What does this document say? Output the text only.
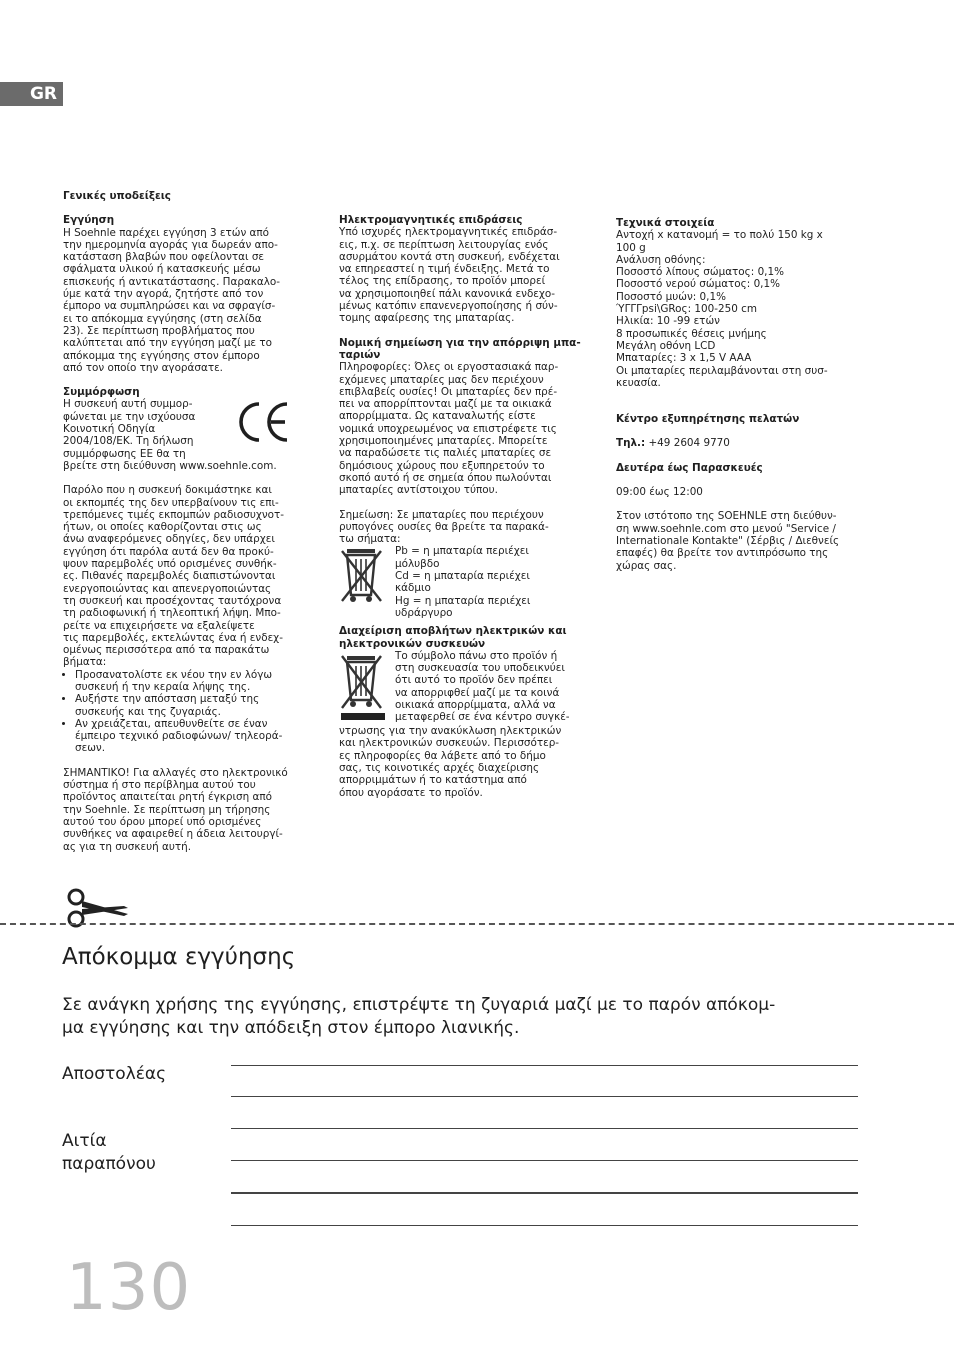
GR

Γενικές υποδείξεις

Εγγύηση

Η Soehnle παρέχει εγγύηση 3 ετών από

την ημερομηνία αγοράς για δωρεάν απο-

κατάσταση βλαβών που οφείλονται σε

σφάλματα υλικού ή κατασκευής μέσω

επισκευής ή αντικατάστασης. Παρακαλο-

ύμε κατά την αγορά, ζητήστε από τον

έμπορο να συμπληρώσει και να σφραγίσ-

ει το απόκομμα εγγύησης (στη σελίδα

23). Σε περίπτωση προβλήματος που

καλύπτεται από την εγγύηση μαζί με το

απόκομμα της εγγύησης στον έμπορο

από τον οποίο την αγοράσατε.

Συμμόρφωση

Η συσκευή αυτή συμμορ-

φώνεται με την ισχύουσα

Κοινοτική Οδηγία

2004/108/ΕΚ. Τη δήλωση

συμμόρφωσης ΕΕ θα τη

βρείτε στη διεύθυνση www.soehnle.com.

Παρόλο που η συσκευή δοκιμάστηκε και

οι εκπομπές της δεν υπερβαίνουν τις επι-

τρεπόμενες τιμές εκπομπών ραδιοσυχνοτ-

ήτων, οι οποίες καθορίζονται στις ως

άνω αναφερόμενες οδηγίες, δεν υπάρχει

εγγύηση ότι παρόλα αυτά δεν θα προκύ-

ψουν παρεμβολές υπό ορισμένες συνθήκ-

ες. Πιθανές παρεμβολές διαπιστώνονται

ενεργοποιώντας και απενεργοποιώντας

τη συσκευή και προσέχοντας ταυτόχρονα

τη ραδιοφωνική ή τηλεοπτική λήψη. Μπο-

ρείτε να επιχειρήσετε να εξαλείψετε

τις παρεμβολές, εκτελώντας ένα ή ενδεχ-

ομένως περισσότερα από τα παρακάτω

βήματα:

• Προσανατολίστε εκ νέου την εν λόγω
συσκευή ή την κεραία λήψης της.
• Αυξήστε την απόσταση μεταξύ της
συσκευής και της ζυγαριάς.
• Αν χρειάζεται, απευθυνθείτε σε έναν
έμπειρο τεχνικό ραδιοφώνων/ τηλεορά-
σεων.

ΣΗΜΑΝΤΙΚΟ! Για αλλαγές στο ηλεκτρονικό

σύστημα ή στο περίβλημα αυτού του

προϊόντος απαιτείται ρητή έγκριση από

την Soehnle. Σε περίπτωση μη τήρησης

αυτού του όρου μπορεί υπό ορισμένες

συνθήκες να αφαιρεθεί η άδεια λειτουργί-

ας για τη συσκευή αυτή.

Ηλεκτρομαγνητικές επιδράσεις

Υπό ισχυρές ηλεκτρομαγνητικές επιδράσ-

εις, π.χ. σε περίπτωση λειτουργίας ενός

ασυρμάτου κοντά στη συσκευή, ενδέχεται

να επηρεαστεί η τιμή ένδειξης. Μετά το

τέλος της επίδρασης, το προϊόν μπορεί

να χρησιμοποιηθεί πάλι κανονικά ενδεχο-

μένως κατόπιν επανενεργοποίησης ή σύν-

τομης αφαίρεσης της μπαταρίας.

Νομική σημείωση για την απόρριψη μπα-

ταριών

Πληροφορίες: Όλες οι εργοστασιακά παρ-

εχόμενες μπαταρίες μας δεν περιέχουν

επιβλαβείς ουσίες! Οι μπαταρίες δεν πρέ-

πει να απορρίπτονται μαζί με τα οικιακά

απορρίμματα. Ως καταναλωτής είστε

νομικά υποχρεωμένος να επιστρέφετε τις

χρησιμοποιημένες μπαταρίες. Μπορείτε

να παραδώσετε τις παλιές μπαταρίες σε

δημόσιους χώρους που εξυπηρετούν το

σκοπό αυτό ή σε σημεία όπου πωλούνται

μπαταρίες αντίστοιχου τύπου.

Σημείωση: Σε μπαταρίες που περιέχουν

ρυπογόνες ουσίες θα βρείτε τα παρακά-

τω σήματα:

Pb = η μπαταρία περιέχει

μόλυβδο

Cd = η μπαταρία περιέχει

κάδμιο

Hg = η μπαταρία περιέχει

υδράργυρο

Διαχείριση αποβλήτων ηλεκτρικών και

ηλεκτρονικών συσκευών

Το σύμβολο πάνω στο προϊόν ή

στη συσκευασία του υποδεικνύει

ότι αυτό το προϊόν δεν πρέπει

να απορριφθεί μαζί με τα κοινά

οικιακά απορρίμματα, αλλά να

μεταφερθεί σε ένα κέντρο συγκέ-

ντρωσης για την ανακύκλωση ηλεκτρικών

και ηλεκτρονικών συσκευών. Περισσότερ-

ες πληροφορίες θα λάβετε από το δήμο

σας, τις κοινοτικές αρχές διαχείρισης

απορριμμάτων ή το κατάστημα από

όπου αγοράσατε το προϊόν.

Τεχνικά στοιχεία

Αντοχή x κατανομή = το πολύ 150 kg x

100 g

Ανάλυση οθόνης:

Ποσοστό λίπους σώματος: 0,1%

Ποσοστό νερού σώματος: 0,1%

Ποσοστό μυών: 0,1%

ΎΓΓΓpsi\GRoς: 100-250 cm

Ηλικία: 10 -99 ετών

8 προσωπικές θέσεις μνήμης

Μεγάλη οθόνη LCD

Μπαταρίες: 3 x 1,5 V AAA

Οι μπαταρίες περιλαμβάνονται στη συσ-

κευασία.

Κέντρο εξυπηρέτησης πελατών

Τηλ.: +49 2604 9770

Δευτέρα έως Παρασκευές

09:00 έως 12:00

Στον ιστότοπο της SOEHNLE στη διεύθυν-

ση www.soehnle.com στο μενού "Service /

Internationale Kontakte" (Σέρβις / Διεθνείς

επαφές) θα βρείτε τον αντιπρόσωπο της

χώρας σας.

Απόκομμα εγγύησης
Σε ανάγκη χρήσης της εγγύησης, επιστρέψτε τη ζυγαριά μαζί με το παρόν απόκομ-
μα εγγύησης και την απόδειξη στον έμπορο λιανικής.
Αποστολέας
Αιτία
παραπόνου
130
